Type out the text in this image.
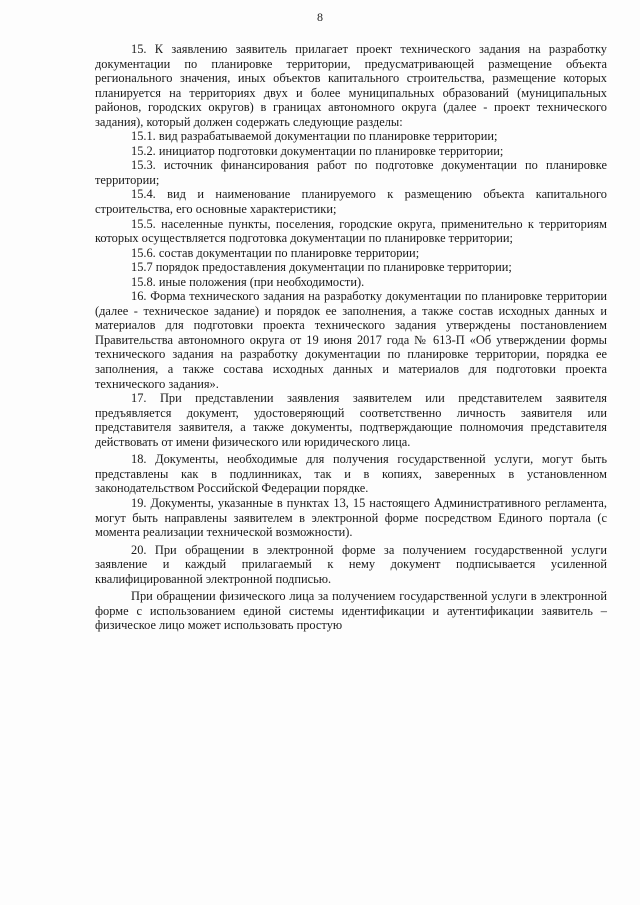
8

15. К заявлению заявитель прилагает проект технического задания на разработку документации по планировке территории, предусматривающей размещение объекта регионального значения, иных объектов капитального строительства, размещение которых планируется на территориях двух и более муниципальных образований (муниципальных районов, городских округов) в границах автономного округа (далее - проект технического задания), который должен содержать следующие разделы:

15.1. вид разрабатываемой документации по планировке территории;

15.2. инициатор подготовки документации по планировке территории;

15.3. источник финансирования работ по подготовке документации по планировке территории;

15.4. вид и наименование планируемого к размещению объекта капитального строительства, его основные характеристики;

15.5. населенные пункты, поселения, городские округа, применительно к территориям которых осуществляется подготовка документации по планировке территории;

15.6. состав документации по планировке территории;

15.7 порядок предоставления документации по планировке территории;

15.8. иные положения (при необходимости).

16. Форма технического задания на разработку документации по планировке территории (далее - техническое задание) и порядок ее заполнения, а также состав исходных данных и материалов для подготовки проекта технического задания утверждены постановлением Правительства автономного округа от 19 июня 2017 года № 613-П «Об утверждении формы технического задания на разработку документации по планировке территории, порядка ее заполнения, а также состава исходных данных и материалов для подготовки проекта технического задания».

17. При представлении заявления заявителем или представителем заявителя предъявляется документ, удостоверяющий соответственно личность заявителя или представителя заявителя, а также документы, подтверждающие полномочия представителя действовать от имени физического или юридического лица.

18. Документы, необходимые для получения государственной услуги, могут быть представлены как в подлинниках, так и в копиях, заверенных в установленном законодательством Российской Федерации порядке.

19. Документы, указанные в пунктах 13, 15 настоящего Административного регламента, могут быть направлены заявителем в электронной форме посредством Единого портала (с момента реализации технической возможности).

20. При обращении в электронной форме за получением государственной услуги заявление и каждый прилагаемый к нему документ подписывается усиленной квалифицированной электронной подписью.

При обращении физического лица за получением государственной услуги в электронной форме с использованием единой системы идентификации и аутентификации заявитель – физическое лицо может использовать простую
